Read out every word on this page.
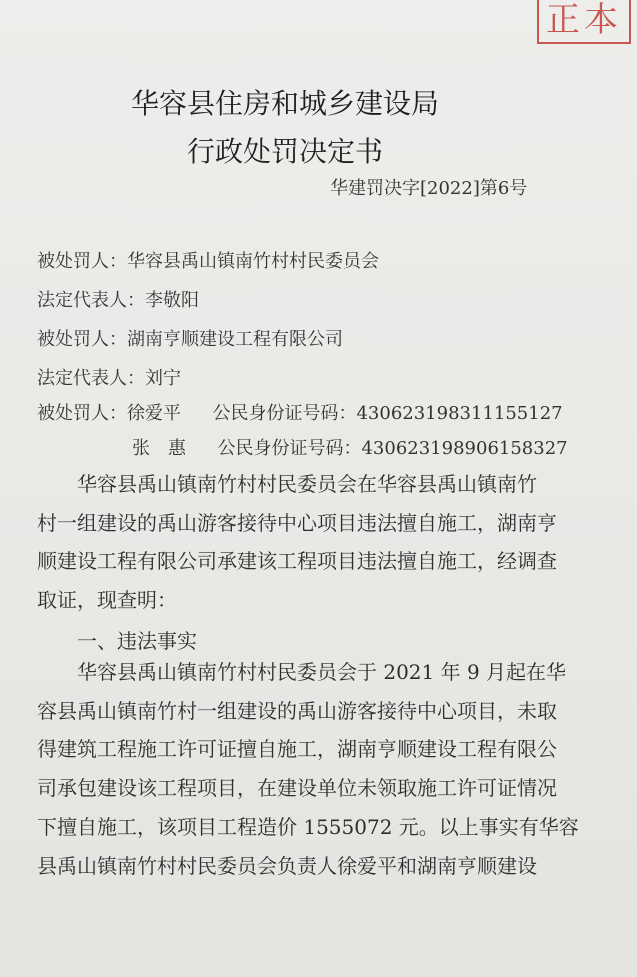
正本
华容县住房和城乡建设局
行政处罚决定书
华建罚决字[2022]第6号
被处罚人：华容县禹山镇南竹村村民委员会
法定代表人：李敬阳
被处罚人：湖南亨顺建设工程有限公司
法定代表人：刘宁
被处罚人：徐爱平 公民身份证号码：430623198311155127
张　惠 公民身份证号码：430623198906158327
华容县禹山镇南竹村村民委员会在华容县禹山镇南竹
村一组建设的禹山游客接待中心项目违法擅自施工，湖南亨
顺建设工程有限公司承建该工程项目违法擅自施工，经调查
取证，现查明：
一、违法事实
华容县禹山镇南竹村村民委员会于 2021 年 9 月起在华
容县禹山镇南竹村一组建设的禹山游客接待中心项目，未取
得建筑工程施工许可证擅自施工，湖南亨顺建设工程有限公
司承包建设该工程项目，在建设单位未领取施工许可证情况
下擅自施工，该项目工程造价 1555072 元。以上事实有华容
县禹山镇南竹村村民委员会负责人徐爱平和湖南亨顺建设
